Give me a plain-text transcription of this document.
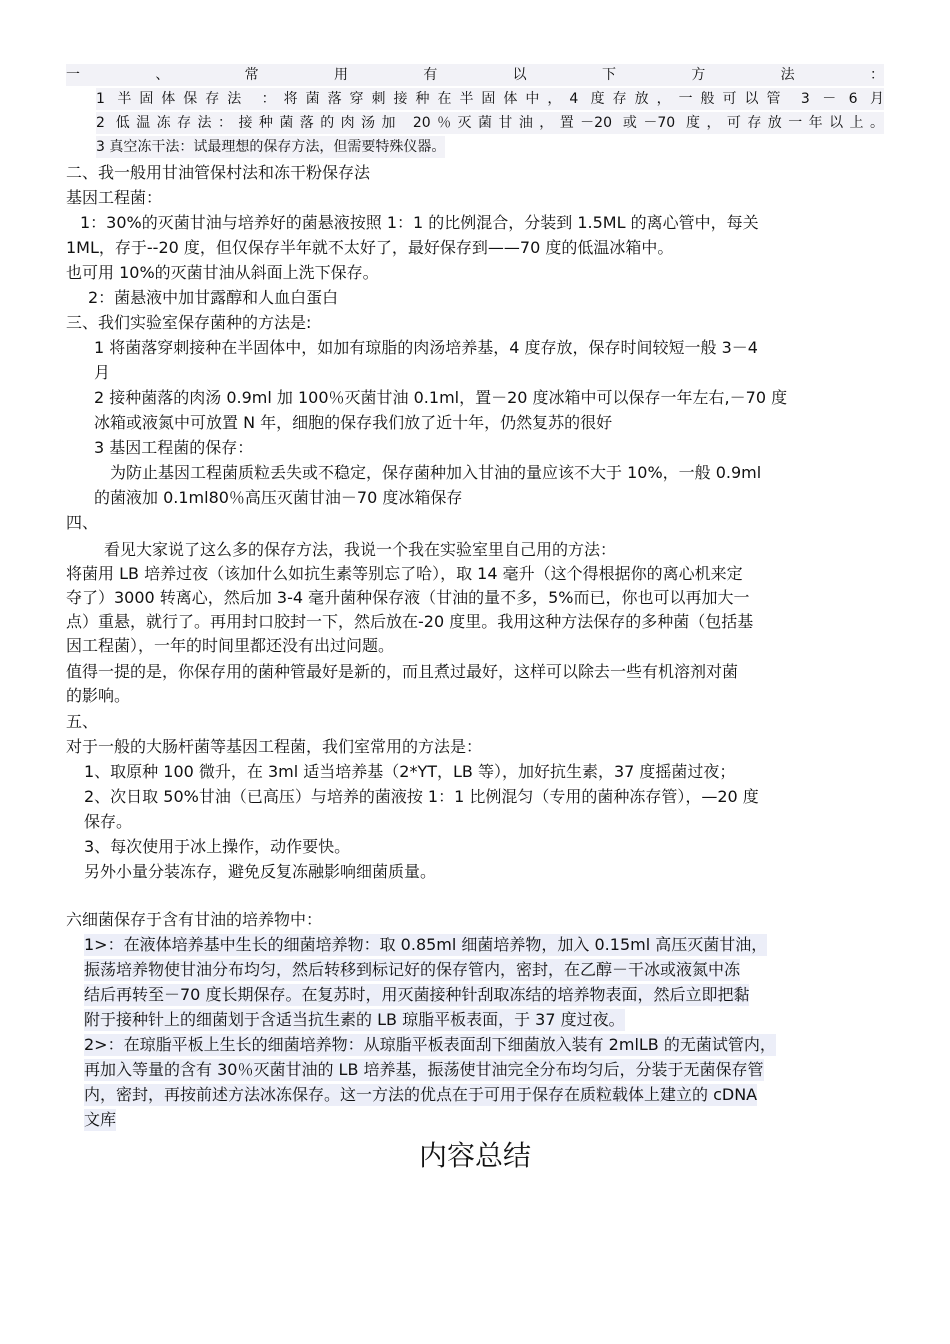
一、常用有以下方法：
1 半固体保存法 ：将菌落穿刺接种在半固体中，4 度存放，一般可以管 3 － 6 月
2 低温冻存法：接种菌落的肉汤加 20％灭菌甘油，置－20 或－70 度，可存放一年以上。
3 真空冻干法：试最理想的保存方法，但需要特殊仪器。
二、我一般用甘油管保村法和冻干粉保存法
基因工程菌：
1：30%的灭菌甘油与培养好的菌悬液按照 1：1 的比例混合，分装到 1.5ML 的离心管中，每关
1ML，存于--20 度，但仅保存半年就不太好了，最好保存到——70 度的低温冰箱中。
也可用 10%的灭菌甘油从斜面上洗下保存。
2：菌悬液中加甘露醇和人血白蛋白
三、我们实验室保存菌种的方法是:
1 将菌落穿刺接种在半固体中，如加有琼脂的肉汤培养基，4 度存放，保存时间较短一般 3－4
月
2 接种菌落的肉汤 0.9ml 加 100％灭菌甘油 0.1ml，置－20 度冰箱中可以保存一年左右,－70 度
冰箱或液氮中可放置 N 年，细胞的保存我们放了近十年，仍然复苏的很好
3 基因工程菌的保存：
为防止基因工程菌质粒丢失或不稳定，保存菌种加入甘油的量应该不大于 10%，一般 0.9ml
的菌液加 0.1ml80％高压灭菌甘油－70 度冰箱保存
四、
看见大家说了这么多的保存方法，我说一个我在实验室里自己用的方法：
将菌用 LB 培养过夜（该加什么如抗生素等别忘了哈），取 14 毫升（这个得根据你的离心机来定
夺了）3000 转离心，然后加 3-4 毫升菌种保存液（甘油的量不多，5%而已，你也可以再加大一
点）重悬，就行了。再用封口胶封一下，然后放在-20 度里。我用这种方法保存的多种菌（包括基
因工程菌），一年的时间里都还没有出过问题。
值得一提的是，你保存用的菌种管最好是新的，而且煮过最好，这样可以除去一些有机溶剂对菌
的影响。
五、
对于一般的大肠杆菌等基因工程菌，我们室常用的方法是：
1、取原种 100 微升，在 3ml 适当培养基（2*YT，LB 等），加好抗生素，37 度摇菌过夜；
2、次日取 50%甘油（已高压）与培养的菌液按 1：1 比例混匀（专用的菌种冻存管），—20 度
保存。
3、每次使用于冰上操作，动作要快。
另外小量分装冻存，避免反复冻融影响细菌质量。
六细菌保存于含有甘油的培养物中：
1>：在液体培养基中生长的细菌培养物：取 0.85ml 细菌培养物，加入 0.15ml 高压灭菌甘油，
振荡培养物使甘油分布均匀，然后转移到标记好的保存管内，密封，在乙醇－干冰或液氮中冻
结后再转至－70 度长期保存。在复苏时，用灭菌接种针刮取冻结的培养物表面，然后立即把黏
附于接种针上的细菌划于含适当抗生素的 LB 琼脂平板表面，于 37 度过夜。
2>：在琼脂平板上生长的细菌培养物：从琼脂平板表面刮下细菌放入装有 2mlLB 的无菌试管内，
再加入等量的含有 30％灭菌甘油的 LB 培养基，振荡使甘油完全分布均匀后，分装于无菌保存管
内，密封，再按前述方法冰冻保存。这一方法的优点在于可用于保存在质粒载体上建立的 cDNA
文库
内容总结
